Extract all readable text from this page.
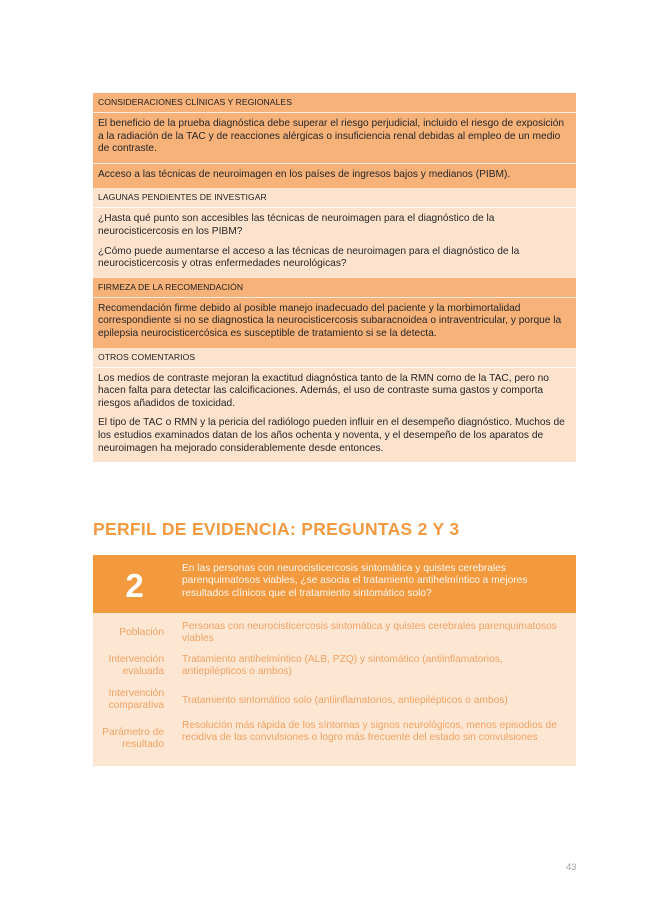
CONSIDERACIONES CLÍNICAS Y REGIONALES

El beneficio de la prueba diagnóstica debe superar el riesgo perjudicial, incluido el riesgo de exposición a la radiación de la TAC y de reacciones alérgicas o insuficiencia renal debidas al empleo de un medio de contraste.

Acceso a las técnicas de neuroimagen en los países de ingresos bajos y medianos (PIBM).

LAGUNAS PENDIENTES DE INVESTIGAR

¿Hasta qué punto son accesibles las técnicas de neuroimagen para el diagnóstico de la neurocisticercosis en los PIBM?

¿Cómo puede aumentarse el acceso a las técnicas de neuroimagen para el diagnóstico de la neurocisticercosis y otras enfermedades neurológicas?

FIRMEZA DE LA RECOMENDACIÓN

Recomendación firme debido al posible manejo inadecuado del paciente y la morbimortalidad correspondiente si no se diagnostica la neurocisticercosis subaracnoidea o intraventricular, y porque la epilepsia neurocisticercósica es susceptible de tratamiento si se la detecta.

OTROS COMENTARIOS

Los medios de contraste mejoran la exactitud diagnóstica tanto de la RMN como de la TAC, pero no hacen falta para detectar las calcificaciones. Además, el uso de contraste suma gastos y comporta riesgos añadidos de toxicidad.

El tipo de TAC o RMN y la pericia del radiólogo pueden influir en el desempeño diagnóstico. Muchos de los estudios examinados datan de los años ochenta y noventa, y el desempeño de los aparatos de neuroimagen ha mejorado considerablemente desde entonces.

PERFIL DE EVIDENCIA: PREGUNTAS 2 Y 3
2	En las personas con neurocisticercosis sintomática y quistes cerebrales parenquimatosos viables, ¿se asocia el tratamiento antihelmíntico a mejores resultados clínicos que el tratamiento sintomático solo?
Población
Personas con neurocisticercosis sintomática y quistes cerebrales parenquimatosos viables
Intervención evaluada
Tratamiento antihelmíntico (ALB, PZQ) y sintomático (antiinflamatorios, antiepilépticos o ambos)
Intervención comparativa Tratamiento sintomático solo (antiinflamatorios, antiepilépticos o ambos)
Parámetro de resultado
Resolución más rápida de los síntomas y signos neurológicos, menos episodios de recidiva de las convulsiones o logro más frecuente del estado sin convulsiones
43
